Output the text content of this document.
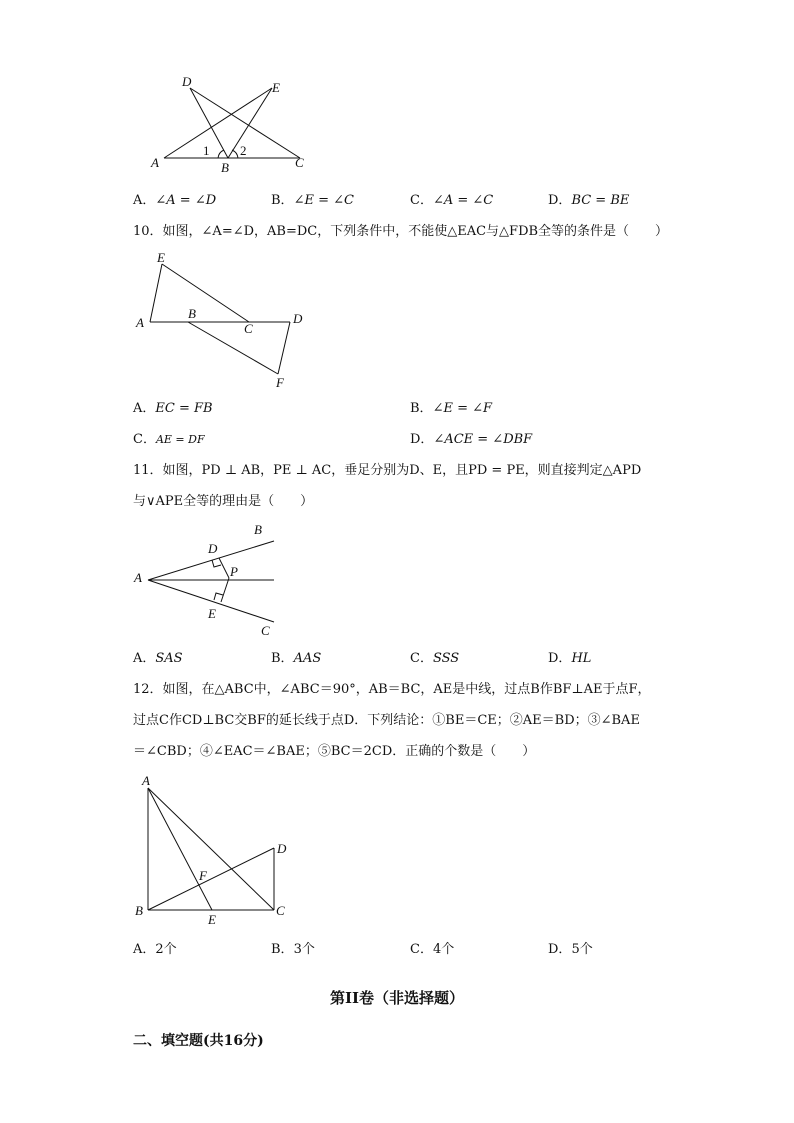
D	E
A	B	C
1 2
A．∠A = ∠D	B．∠E = ∠C	C．∠A = ∠C	D．BC = BE
10．如图，∠A=∠D，AB=DC，下列条件中，不能使△EAC与△FDB全等的条件是（　　）
E
A
B
C
D
F
A．EC = FB	B．∠E = ∠F
C．AE = DF	D．∠ACE = ∠DBF
11．如图，PD ⊥ AB，PE ⊥ AC，垂足分别为D、E，且PD = PE，则直接判定△APD
与∨APE全等的理由是（　　）
B
D
A	P
E
C
A．SAS	B．AAS	C．SSS	D．HL
12．如图，在△ABC中，∠ABC＝90°，AB＝BC，AE是中线，过点B作BF⊥AE于点F，
过点C作CD⊥BC交BF的延长线于点D．下列结论：①BE＝CE；②AE＝BD；③∠BAE
＝∠CBD；④∠EAC＝∠BAE；⑤BC＝2CD．正确的个数是（　　）
A
D
F
B
E
C
A．2个	B．3个	C．4个	D．5个
第II卷（非选择题）
二、填空题(共16分)
